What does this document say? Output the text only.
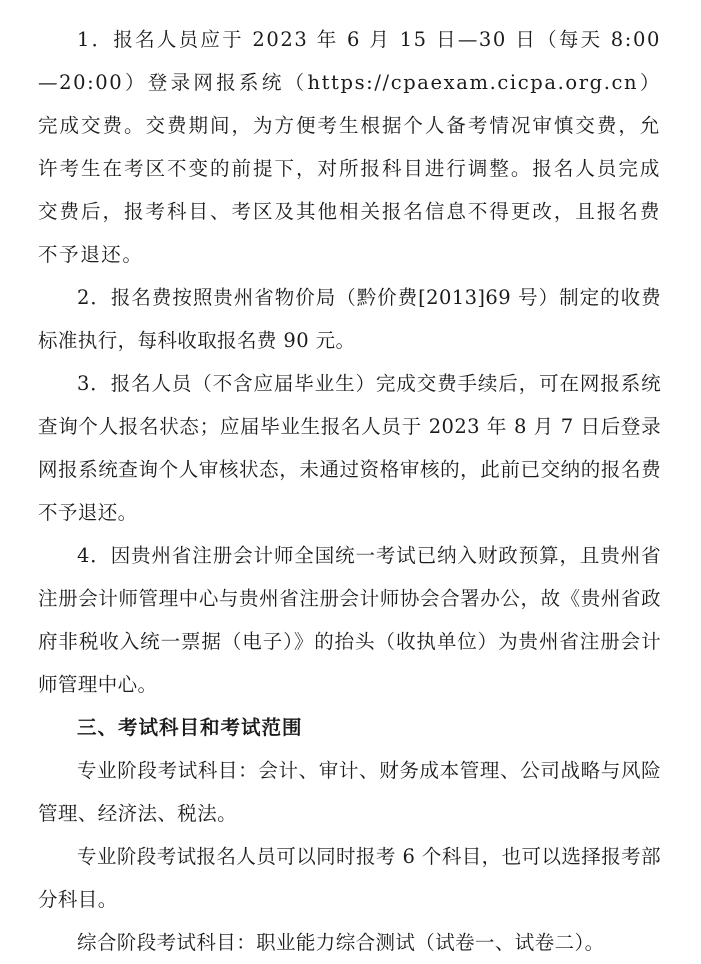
1．报名人员应于 2023 年 6 月 15 日—30 日（每天 8:00—20:00）登录网报系统（https://cpaexam.cicpa.org.cn）完成交费。交费期间，为方便考生根据个人备考情况审慎交费，允许考生在考区不变的前提下，对所报科目进行调整。报名人员完成交费后，报考科目、考区及其他相关报名信息不得更改，且报名费不予退还。

2．报名费按照贵州省物价局（黔价费[2013]69 号）制定的收费标准执行，每科收取报名费 90 元。

3．报名人员（不含应届毕业生）完成交费手续后，可在网报系统查询个人报名状态；应届毕业生报名人员于 2023 年 8 月 7 日后登录网报系统查询个人审核状态，未通过资格审核的，此前已交纳的报名费不予退还。

4．因贵州省注册会计师全国统一考试已纳入财政预算，且贵州省注册会计师管理中心与贵州省注册会计师协会合署办公，故《贵州省政府非税收入统一票据（电子）》的抬头（收执单位）为贵州省注册会计师管理中心。

三、考试科目和考试范围

专业阶段考试科目：会计、审计、财务成本管理、公司战略与风险管理、经济法、税法。

专业阶段考试报名人员可以同时报考 6 个科目，也可以选择报考部分科目。

综合阶段考试科目：职业能力综合测试（试卷一、试卷二）。
